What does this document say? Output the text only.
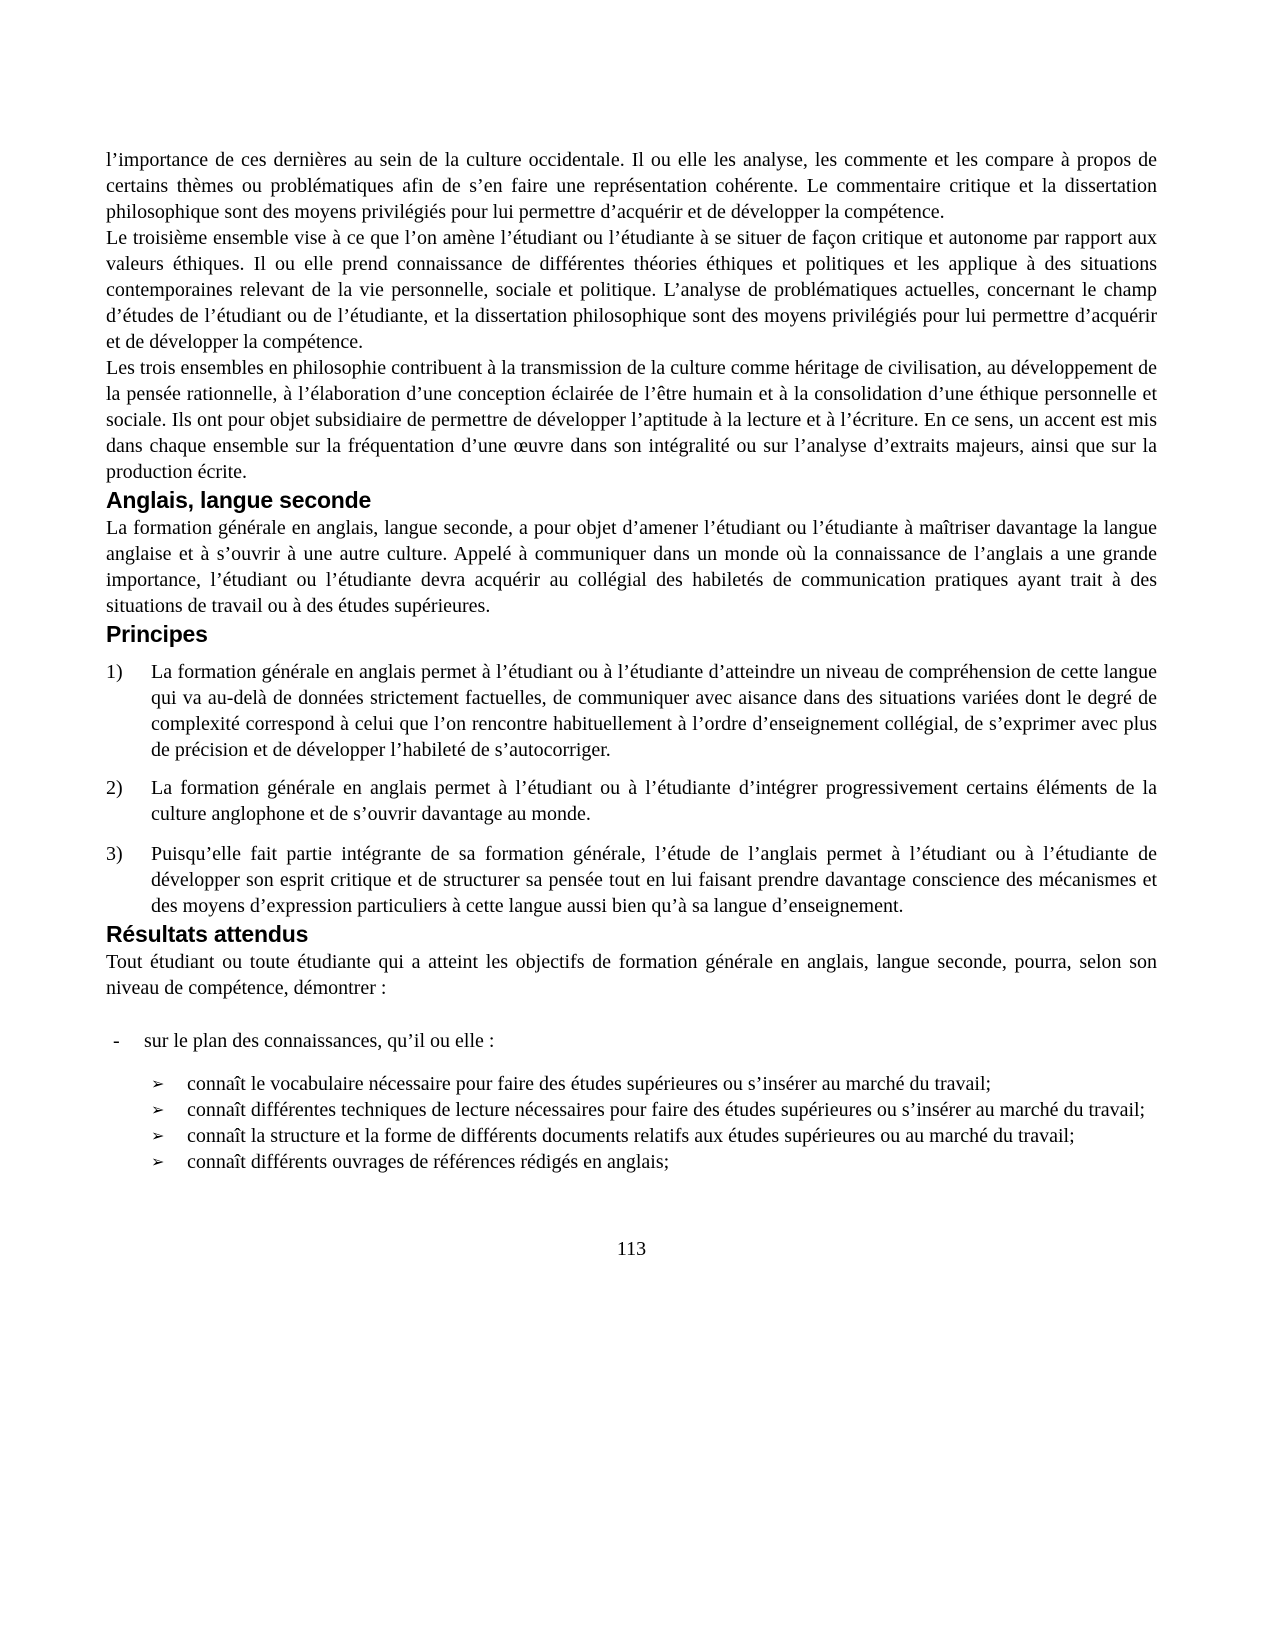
l’importance de ces dernières au sein de la culture occidentale. Il ou elle les analyse, les commente et les compare à propos de certains thèmes ou problématiques afin de s’en faire une représentation cohérente. Le commentaire critique et la dissertation philosophique sont des moyens privilégiés pour lui permettre d’acquérir et de développer la compétence.

Le troisième ensemble vise à ce que l’on amène l’étudiant ou l’étudiante à se situer de façon critique et autonome par rapport aux valeurs éthiques. Il ou elle prend connaissance de différentes théories éthiques et politiques et les applique à des situations contemporaines relevant de la vie personnelle, sociale et politique. L’analyse de problématiques actuelles, concernant le champ d’études de l’étudiant ou de l’étudiante, et la dissertation philosophique sont des moyens privilégiés pour lui permettre d’acquérir et de développer la compétence.

Les trois ensembles en philosophie contribuent à la transmission de la culture comme héritage de civilisation, au développement de la pensée rationnelle, à l’élaboration d’une conception éclairée de l’être humain et à la consolidation d’une éthique personnelle et sociale. Ils ont pour objet subsidiaire de permettre de développer l’aptitude à la lecture et à l’écriture. En ce sens, un accent est mis dans chaque ensemble sur la fréquentation d’une œuvre dans son intégralité ou sur l’analyse d’extraits majeurs, ainsi que sur la production écrite.

Anglais, langue seconde

La formation générale en anglais, langue seconde, a pour objet d’amener l’étudiant ou l’étudiante à maîtriser davantage la langue anglaise et à s’ouvrir à une autre culture. Appelé à communiquer dans un monde où la connaissance de l’anglais a une grande importance, l’étudiant ou l’étudiante devra acquérir au collégial des habiletés de communication pratiques ayant trait à des situations de travail ou à des études supérieures.

Principes
1)	La formation générale en anglais permet à l’étudiant ou à l’étudiante d’atteindre un niveau de compréhension de cette langue qui va au-delà de données strictement factuelles, de communiquer avec aisance dans des situations variées dont le degré de complexité correspond à celui que l’on rencontre habituellement à l’ordre d’enseignement collégial, de s’exprimer avec plus de précision et de développer l’habileté de s’autocorriger.
2)	La formation générale en anglais permet à l’étudiant ou à l’étudiante d’intégrer progressivement certains éléments de la culture anglophone et de s’ouvrir davantage au monde.
3)	Puisqu’elle fait partie intégrante de sa formation générale, l’étude de l’anglais permet à l’étudiant ou à l’étudiante de développer son esprit critique et de structurer sa pensée tout en lui faisant prendre davantage conscience des mécanismes et des moyens d’expression particuliers à cette langue aussi bien qu’à sa langue d’enseignement.
Résultats attendus

Tout étudiant ou toute étudiante qui a atteint les objectifs de formation générale en anglais, langue seconde, pourra, selon son niveau de compétence, démontrer :

-	sur le plan des connaissances, qu’il ou elle :
➢	connaît le vocabulaire nécessaire pour faire des études supérieures ou s’insérer au marché du travail;
➢	connaît différentes techniques de lecture nécessaires pour faire des études supérieures ou s’insérer au marché du travail;
➢	connaît la structure et la forme de différents documents relatifs aux études supérieures ou au marché du travail;
➢	connaît différents ouvrages de références rédigés en anglais;
113
